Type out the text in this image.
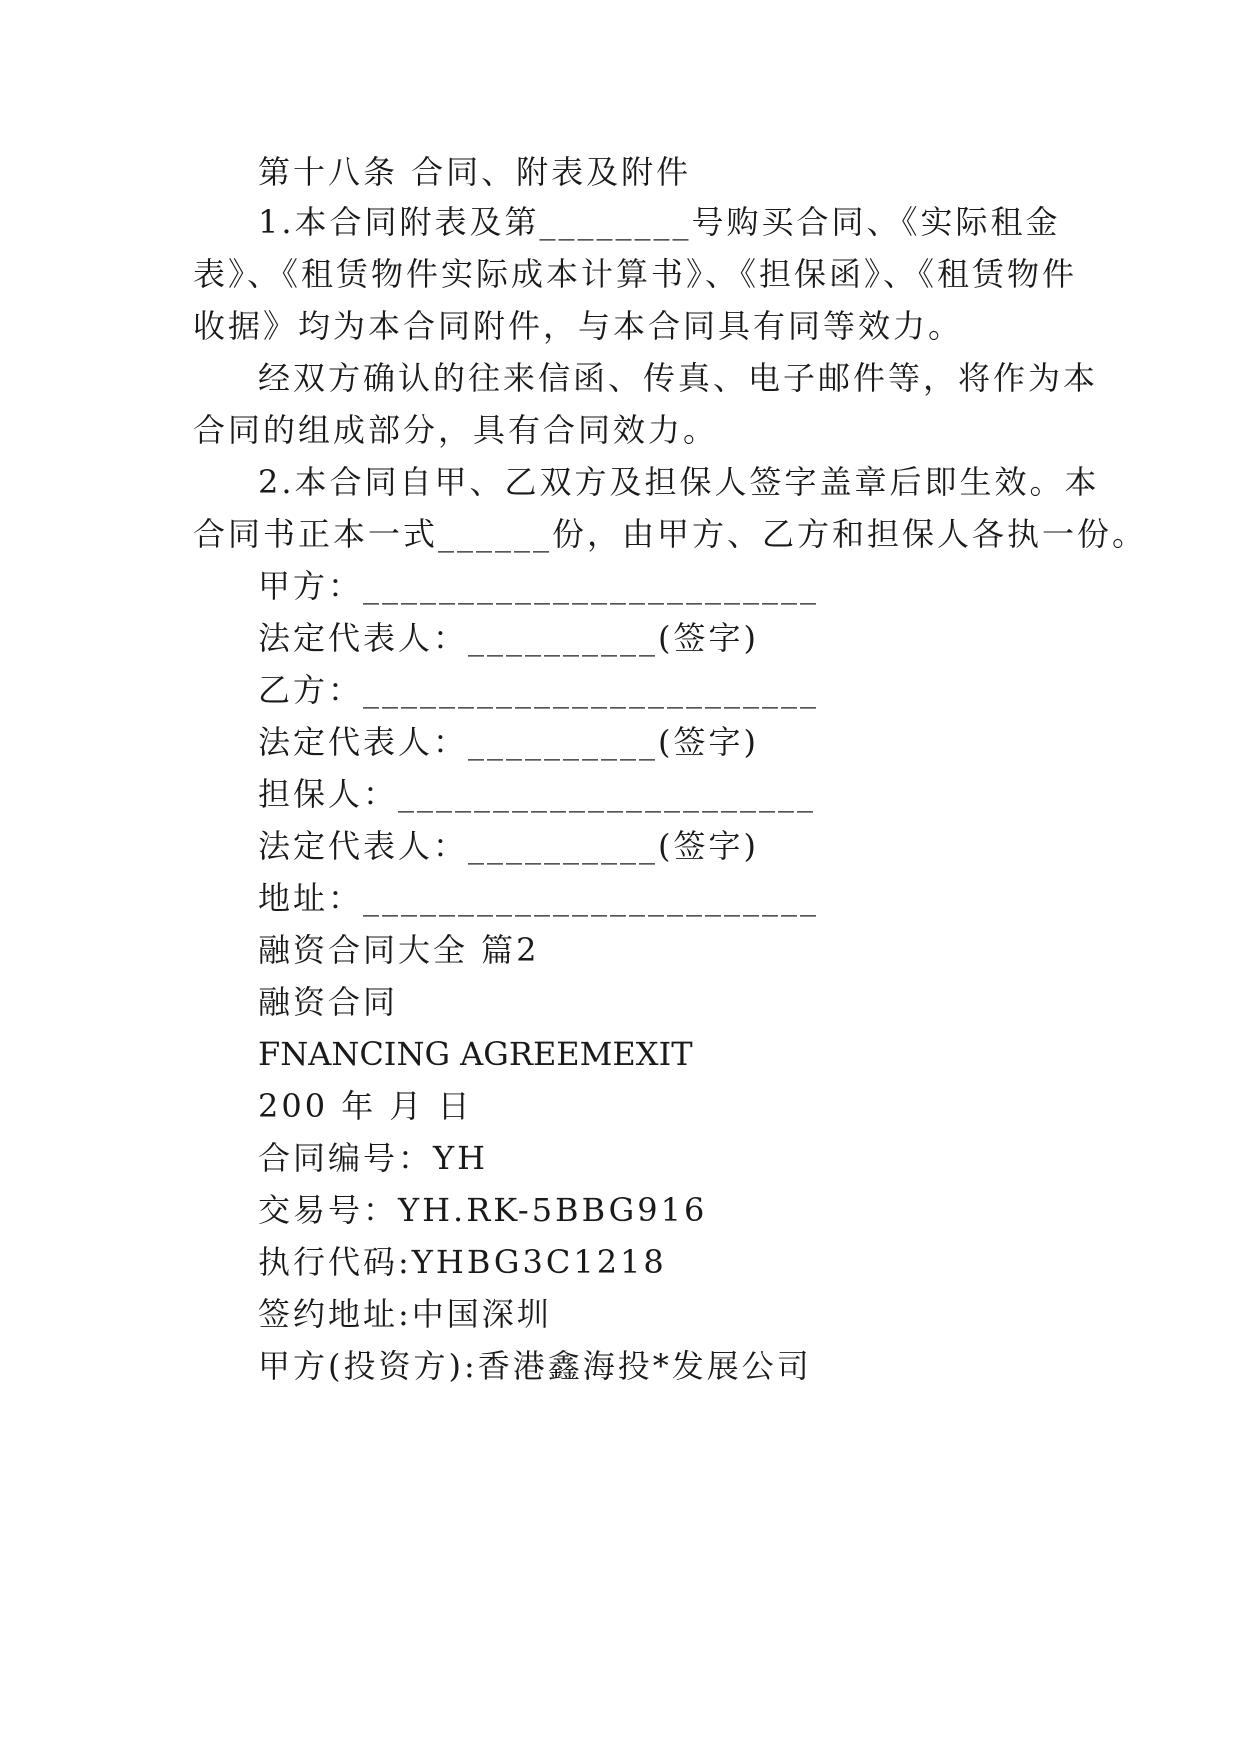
第十八条 合同、附表及附件
1.本合同附表及第________号购买合同、《实际租金
表》、《租赁物件实际成本计算书》、《担保函》、《租赁物件
收据》均为本合同附件，与本合同具有同等效力。
经双方确认的往来信函、传真、电子邮件等，将作为本
合同的组成部分，具有合同效力。
2.本合同自甲、乙双方及担保人签字盖章后即生效。本
合同书正本一式______份，由甲方、乙方和担保人各执一份。
甲方：________________________
法定代表人：__________(签字)
乙方：________________________
法定代表人：__________(签字)
担保人：______________________
法定代表人：__________(签字)
地址：________________________
融资合同大全 篇2
融资合同
FNANCING AGREEMEXIT
200 年 月 日
合同编号：YH
交易号：YH.RK-5BBG916
执行代码:YHBG3C1218
签约地址:中国深圳
甲方(投资方):香港鑫海投*发展公司
